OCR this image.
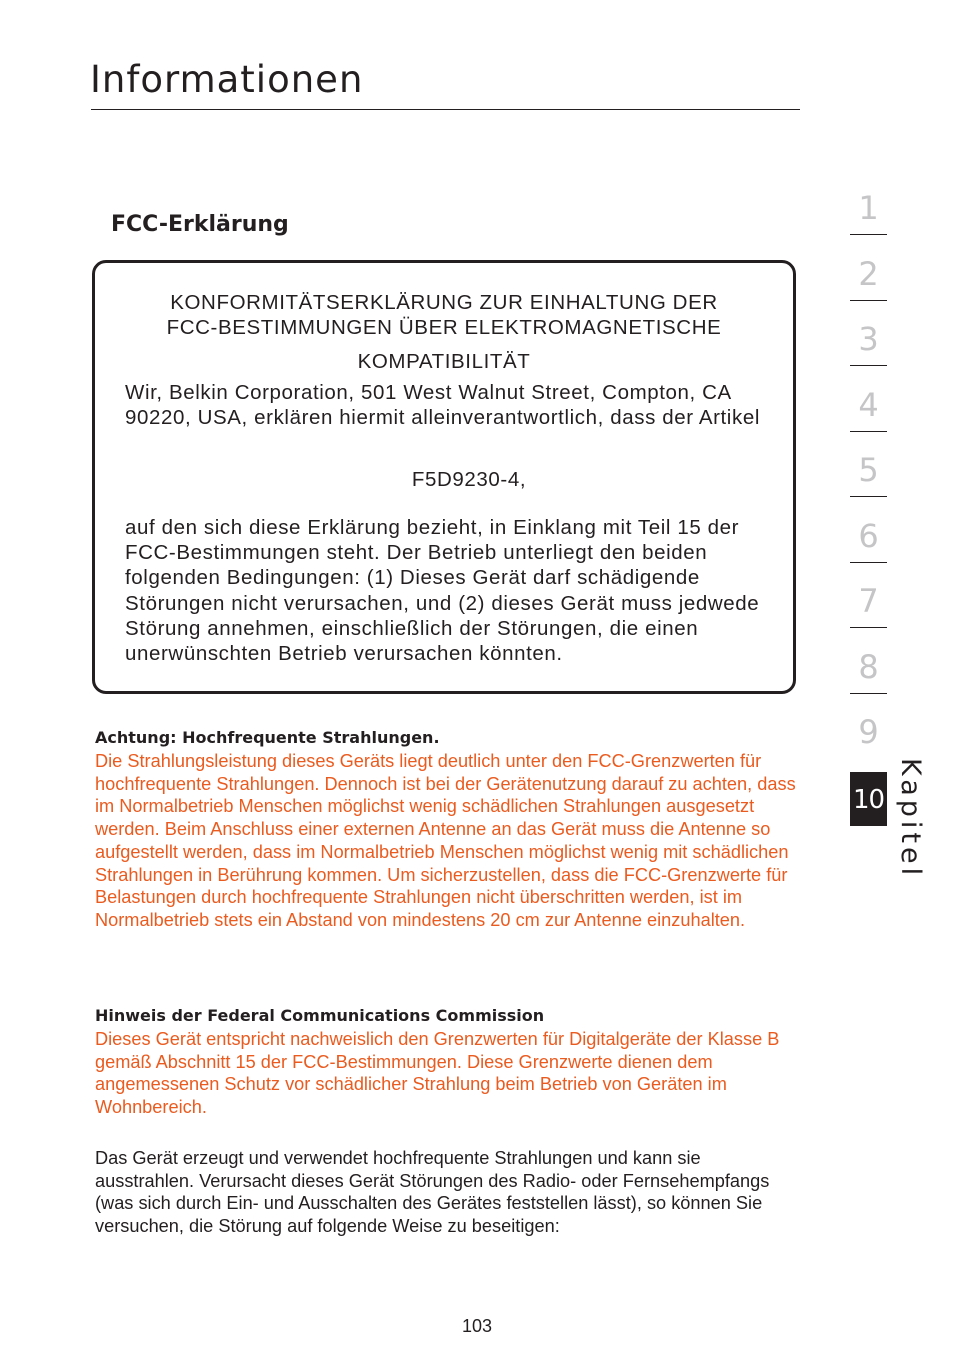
Informationen
FCC-Erklärung

KONFORMITÄTSERKLÄRUNG ZUR EINHALTUNG DER

FCC-BESTIMMUNGEN ÜBER ELEKTROMAGNETISCHE

KOMPATIBILITÄT

Wir, Belkin Corporation, 501 West Walnut Street, Compton, CA 90220, USA, erklären hiermit alleinverantwortlich, dass der Artikel

F5D9230-4,

auf den sich diese Erklärung bezieht, in Einklang mit Teil 15 der FCC-Bestimmungen steht. Der Betrieb unterliegt den beiden folgenden Bedingungen: (1) Dieses Gerät darf schädigende Störungen nicht verursachen, und (2) dieses Gerät muss jedwede Störung annehmen, einschließlich der Störungen, die einen unerwünschten Betrieb verursachen könnten.

Achtung: Hochfrequente Strahlungen.

Die Strahlungsleistung dieses Geräts liegt deutlich unter den FCC-Grenzwerten für hochfrequente Strahlungen. Dennoch ist bei der Gerätenutzung darauf zu achten, dass im Normalbetrieb Menschen möglichst wenig schädlichen Strahlungen ausgesetzt werden. Beim Anschluss einer externen Antenne an das Gerät muss die Antenne so aufgestellt werden, dass im Normalbetrieb Menschen möglichst wenig mit schädlichen Strahlungen in Berührung kommen. Um sicherzustellen, dass die FCC-Grenzwerte für Belastungen durch hochfrequente Strahlungen nicht überschritten werden, ist im Normalbetrieb stets ein Abstand von mindestens 20 cm zur Antenne einzuhalten.

Hinweis der Federal Communications Commission

Dieses Gerät entspricht nachweislich den Grenzwerten für Digitalgeräte der Klasse B gemäß Abschnitt 15 der FCC-Bestimmungen. Diese Grenzwerte dienen dem angemessenen Schutz vor schädlicher Strahlung beim Betrieb von Geräten im Wohnbereich.

Das Gerät erzeugt und verwendet hochfrequente Strahlungen und kann sie ausstrahlen. Verursacht dieses Gerät Störungen des Radio- oder Fernsehempfangs (was sich durch Ein- und Ausschalten des Gerätes feststellen lässt), so können Sie versuchen, die Störung auf folgende Weise zu beseitigen:

103

1
2
3
4
5
6
7
8
9
10 Kapitel
